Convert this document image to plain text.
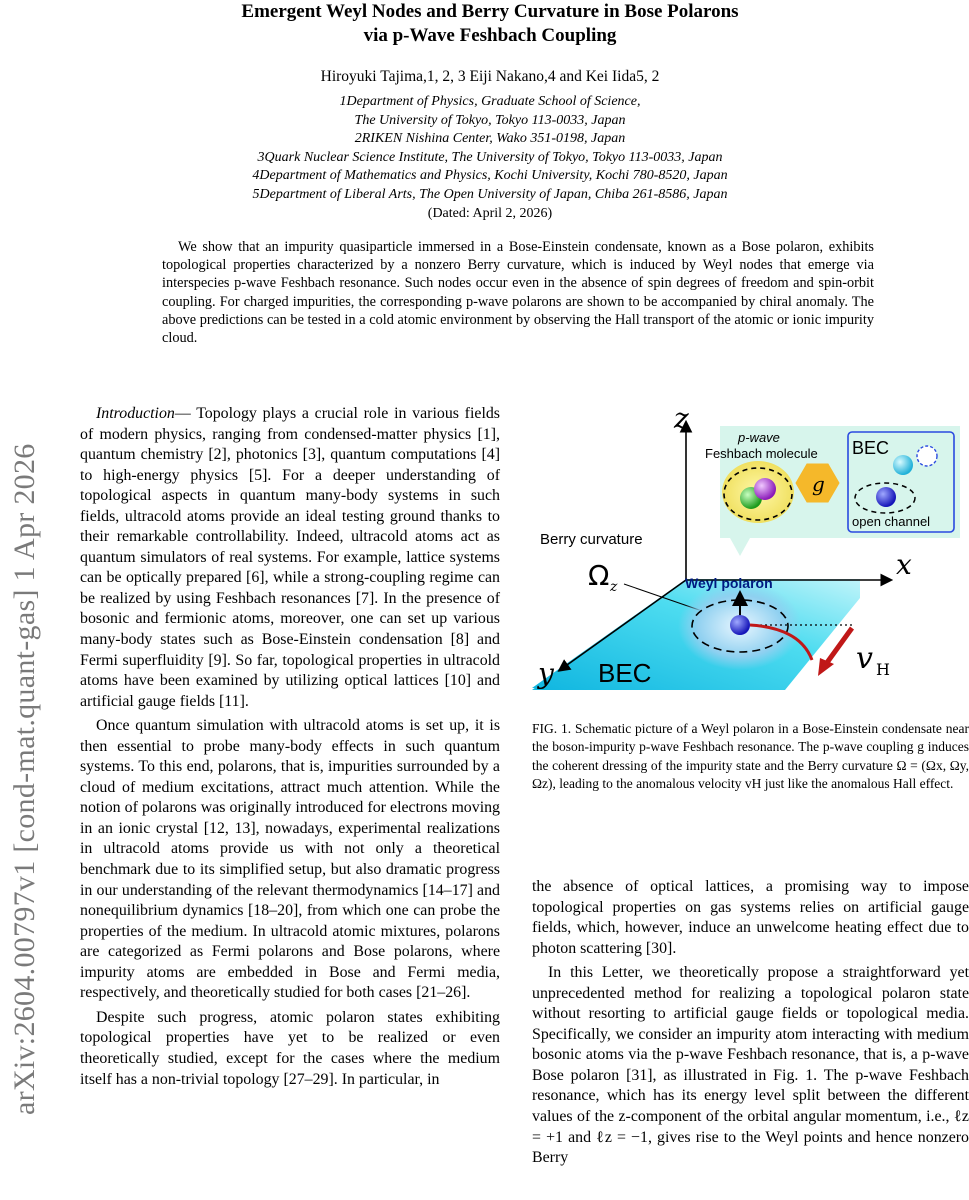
arXiv:2604.00797v1 [cond-mat.quant-gas] 1 Apr 2026
Emergent Weyl Nodes and Berry Curvature in Bose Polarons
via p-Wave Feshbach Coupling
Hiroyuki Tajima,1, 2, 3 Eiji Nakano,4 and Kei Iida5, 2
1Department of Physics, Graduate School of Science,
The University of Tokyo, Tokyo 113-0033, Japan
2RIKEN Nishina Center, Wako 351-0198, Japan
3Quark Nuclear Science Institute, The University of Tokyo, Tokyo 113-0033, Japan
4Department of Mathematics and Physics, Kochi University, Kochi 780-8520, Japan
5Department of Liberal Arts, The Open University of Japan, Chiba 261-8586, Japan
(Dated: April 2, 2026)
We show that an impurity quasiparticle immersed in a Bose-Einstein condensate, known as a Bose polaron, exhibits topological properties characterized by a nonzero Berry curvature, which is induced by Weyl nodes that emerge via interspecies p-wave Feshbach resonance. Such nodes occur even in the absence of spin degrees of freedom and spin-orbit coupling. For charged impurities, the corresponding p-wave polarons are shown to be accompanied by chiral anomaly. The above predictions can be tested in a cold atomic environment by observing the Hall transport of the atomic or ionic impurity cloud.

Introduction— Topology plays a crucial role in various fields of modern physics, ranging from condensed-matter physics [1], quantum chemistry [2], photonics [3], quantum computations [4] to high-energy physics [5]. For a deeper understanding of topological aspects in quantum many-body systems in such fields, ultracold atoms provide an ideal testing ground thanks to their remarkable controllability. Indeed, ultracold atoms act as quantum simulators of real systems. For example, lattice systems can be optically prepared [6], while a strong-coupling regime can be realized by using Feshbach resonances [7]. In the presence of bosonic and fermionic atoms, moreover, one can set up various many-body states such as Bose-Einstein condensation [8] and Fermi superfluidity [9]. So far, topological properties in ultracold atoms have been examined by utilizing optical lattices [10] and artificial gauge fields [11].

Once quantum simulation with ultracold atoms is set up, it is then essential to probe many-body effects in such quantum systems. To this end, polarons, that is, impurities surrounded by a cloud of medium excitations, attract much attention. While the notion of polarons was originally introduced for electrons moving in an ionic crystal [12, 13], nowadays, experimental realizations in ultracold atoms provide us with not only a theoretical benchmark due to its simplified setup, but also dramatic progress in our understanding of the relevant thermodynamics [14–17] and nonequilibrium dynamics [18–20], from which one can probe the properties of the medium. In ultracold atomic mixtures, polarons are categorized as Fermi polarons and Bose polarons, where impurity atoms are embedded in Bose and Fermi media, respectively, and theoretically studied for both cases [21–26].

Despite such progress, atomic polaron states exhibiting topological properties have yet to be realized or even theoretically studied, except for the cases where the medium itself has a non-trivial topology [27–29]. In particular, in

z
x
y
p-wave
Feshbach molecule
g
BEC
open channel
Berry curvature
Ω z	Weyl polaron
v H
BEC
FIG. 1. Schematic picture of a Weyl polaron in a Bose-Einstein condensate near the boson-impurity p-wave Feshbach resonance. The p-wave coupling g induces the coherent dressing of the impurity state and the Berry curvature Ω = (Ωx, Ωy, Ωz), leading to the anomalous velocity vH just like the anomalous Hall effect.

the absence of optical lattices, a promising way to impose topological properties on gas systems relies on artificial gauge fields, which, however, induce an unwelcome heating effect due to photon scattering [30].

In this Letter, we theoretically propose a straightforward yet unprecedented method for realizing a topological polaron state without resorting to artificial gauge fields or topological media. Specifically, we consider an impurity atom interacting with medium bosonic atoms via the p-wave Feshbach resonance, that is, a p-wave Bose polaron [31], as illustrated in Fig. 1. The p-wave Feshbach resonance, which has its energy level split between the different values of the z-component of the orbital angular momentum, i.e., ℓz = +1 and ℓz = −1, gives rise to the Weyl points and hence nonzero Berry
